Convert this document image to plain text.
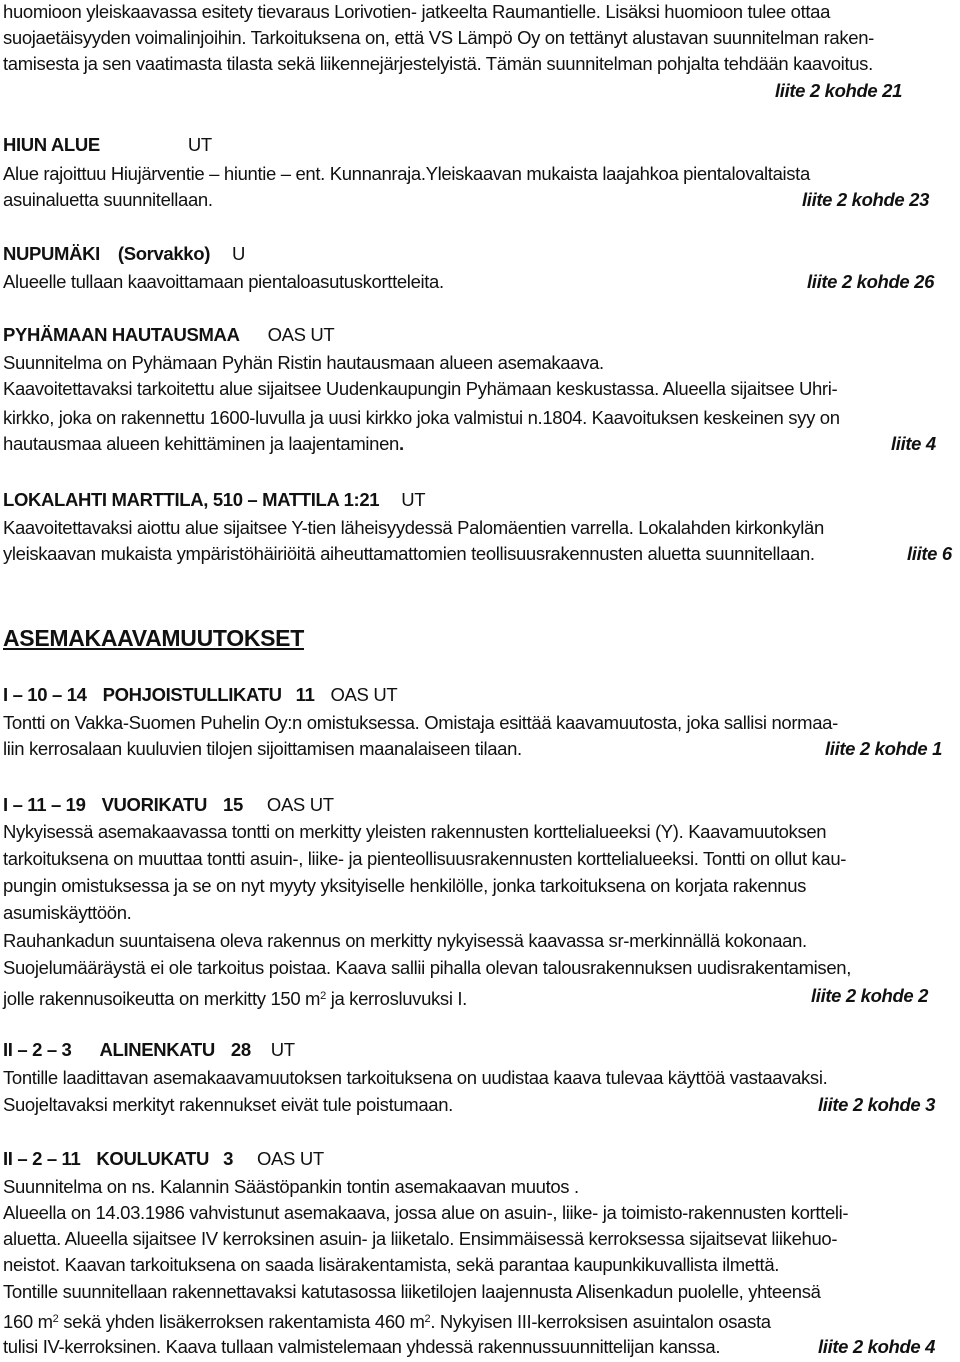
huomioon yleiskaavassa esitety tievaraus Lorivotien- jatkeelta Raumantielle. Lisäksi huomioon tulee ottaa
suojaetäisyyden voimalinjoihin. Tarkoituksena on, että VS Lämpö Oy on tettänyt alustavan suunnitelman raken-
tamisesta ja sen vaatimasta tilasta sekä liikennejärjestelyistä. Tämän suunnitelman pohjalta tehdään kaavoitus.
liite 2 kohde 21
HIUN ALUE	UT
Alue rajoittuu Hiujärventie – hiuntie – ent. Kunnanraja.Yleiskaavan mukaista laajahkoa pientalovaltaista
asuinaluetta suunnitellaan.	liite 2 kohde 23
NUPUMÄKI (Sorvakko) U
Alueelle tullaan kaavoittamaan pientaloasutuskortteleita.	liite 2 kohde 26
PYHÄMAAN HAUTAUSMAA OAS UT
Suunnitelma on Pyhämaan Pyhän Ristin hautausmaan alueen asemakaava.
Kaavoitettavaksi tarkoitettu alue sijaitsee Uudenkaupungin Pyhämaan keskustassa. Alueella sijaitsee Uhri-
kirkko, joka on rakennettu 1600-luvulla ja uusi kirkko joka valmistui n.1804. Kaavoituksen keskeinen syy on
hautausmaa alueen kehittäminen ja laajentaminen.	liite 4
LOKALAHTI MARTTILA, 510 – MATTILA 1:21 UT
Kaavoitettavaksi aiottu alue sijaitsee Y-tien läheisyydessä Palomäentien varrella. Lokalahden kirkonkylän
yleiskaavan mukaista ympäristöhäiriöitä aiheuttamattomien teollisuusrakennusten aluetta suunnitellaan.	liite 6
ASEMAKAAVAMUUTOKSET
I – 10 – 14 POHJOISTULLIKATU 11 OAS UT
Tontti on Vakka-Suomen Puhelin Oy:n omistuksessa. Omistaja esittää kaavamuutosta, joka sallisi normaa-
liin kerrosalaan kuuluvien tilojen sijoittamisen maanalaiseen tilaan.	liite 2 kohde 1
I – 11 – 19 VUORIKATU 15 OAS UT
Nykyisessä asemakaavassa tontti on merkitty yleisten rakennusten korttelialueeksi (Y). Kaavamuutoksen
tarkoituksena on muuttaa tontti asuin-, liike- ja pienteollisuusrakennusten korttelialueeksi. Tontti on ollut kau-
pungin omistuksessa ja se on nyt myyty yksityiselle henkilölle, jonka tarkoituksena on korjata rakennus
asumiskäyttöön.
Rauhankadun suuntaisena oleva rakennus on merkitty nykyisessä kaavassa sr-merkinnällä kokonaan.
Suojelumääräystä ei ole tarkoitus poistaa. Kaava sallii pihalla olevan talousrakennuksen uudisrakentamisen,
jolle rakennusoikeutta on merkitty 150 $m^2$ ja kerrosluvuksi I.	liite 2 kohde 2
II – 2 – 3 ALINENKATU 28 UT
Tontille laadittavan asemakaavamuutoksen tarkoituksena on uudistaa kaava tulevaa käyttöä vastaavaksi.
Suojeltavaksi merkityt rakennukset eivät tule poistumaan.	liite 2 kohde 3
II – 2 – 11 KOULUKATU 3 OAS UT
Suunnitelma on ns. Kalannin Säästöpankin tontin asemakaavan muutos .
Alueella on 14.03.1986 vahvistunut asemakaava, jossa alue on asuin-, liike- ja toimisto-rakennusten kortteli-
aluetta. Alueella sijaitsee IV kerroksinen asuin- ja liiketalo. Ensimmäisessä kerroksessa sijaitsevat liikehuo-
neistot. Kaavan tarkoituksena on saada lisärakentamista, sekä parantaa kaupunkikuvallista ilmettä.
Tontille suunnitellaan rakennettavaksi katutasossa liiketilojen laajennusta Alisenkadun puolelle, yhteensä
160 $m^2$ sekä yhden lisäkerroksen rakentamista 460 $m^2$. Nykyisen III-kerroksisen asuintalon osasta
tulisi IV-kerroksinen. Kaava tullaan valmistelemaan yhdessä rakennussuunnittelijan kanssa.	liite 2 kohde 4
